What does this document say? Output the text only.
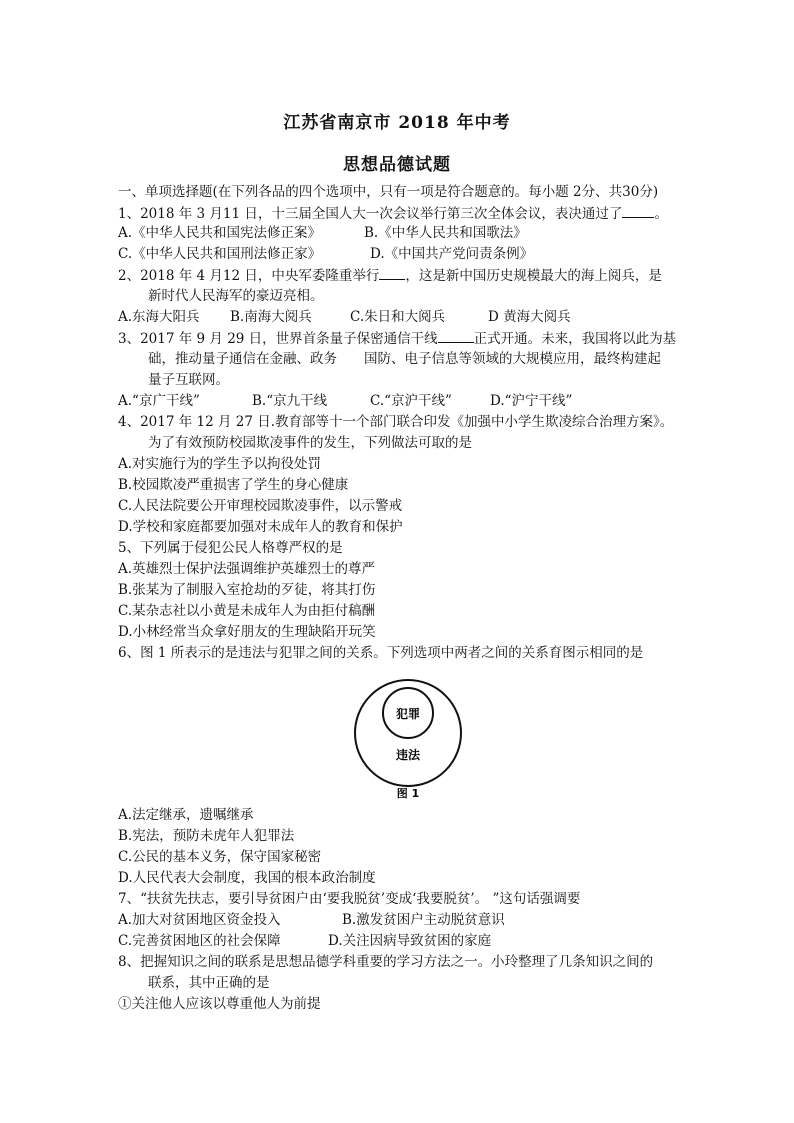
江苏省南京市 2018 年中考
思想品德试题
一、单项选择题(在下列各品的四个选项中，只有一项是符合题意的。每小题 2分、共30分)
1、2018 年 3 月11 日，十三届全国人大一次会议举行第三次全体会议，表决通过了 。
A.《中华人民共和国宪法修正案》	B.《中华人民共和国歌法》
C.《中华人民共和国刑法修正家》	D.《中国共产党问责条例》
2、2018 年 4 月12 日，中央军委隆重举行 ，这是新中国历史规模最大的海上阅兵，是
新时代人民海军的豪迈亮相。
A.东海大阳兵 B.南海大阅兵	C.朱日和大阅兵	D 黄海大阅兵
3、2017 年 9 月 29 日，世界首条量子保密通信干线	正式开通。未来，我国将以此为基
础，推动量子通信在金融、政务　　国防、电子信息等领域的大规模应用，最终构建起
量子互联网。
A.“京广干线”	B.“京九干线	C.“京沪干线”	D.“沪宁干线”
4、2017 年 12 月 27 日.教育部等十一个部门联合印发《加强中小学生欺凌综合治理方案》。
为了有效预防校园欺凌事件的发生，下列做法可取的是
A.对实施行为的学生予以拘役处罚
B.校园欺凌严重损害了学生的身心健康
C.人民法院要公开审理校园欺凌事件，以示警戒
D.学校和家庭都要加强对未成年人的教育和保护
5、下列属于侵犯公民人格尊严权的是
A.英雄烈士保护法强调维护英雄烈士的尊严
B.张某为了制服入室抢劫的歹徒，将其打伤
C.某杂志社以小黄是未成年人为由拒付稿酬
D.小林经常当众拿好朋友的生理缺陷开玩笑
6、图 1 所表示的是违法与犯罪之间的关系。下列选项中两者之间的关系育图示相同的是
犯罪
违法
图 1
A.法定继承，遗嘱继承
B.宪法，预防未虎年人犯罪法
C.公民的基本义务，保守国家秘密
D.人民代表大会制度，我国的根本政治制度
7、“扶贫先扶志，要引导贫困户由‘要我脱贫’变成‘我要脱贫’。 ”这句话强调要
A.加大对贫困地区资金投入	B.激发贫困户主动脱贫意识
C.完善贫困地区的社会保障	D.关注因病导致贫困的家庭
8、把握知识之间的联系是思想品德学科重要的学习方法之一。小玲整理了几条知识之间的
联系，其中正确的是
①关注他人应该以尊重他人为前提
